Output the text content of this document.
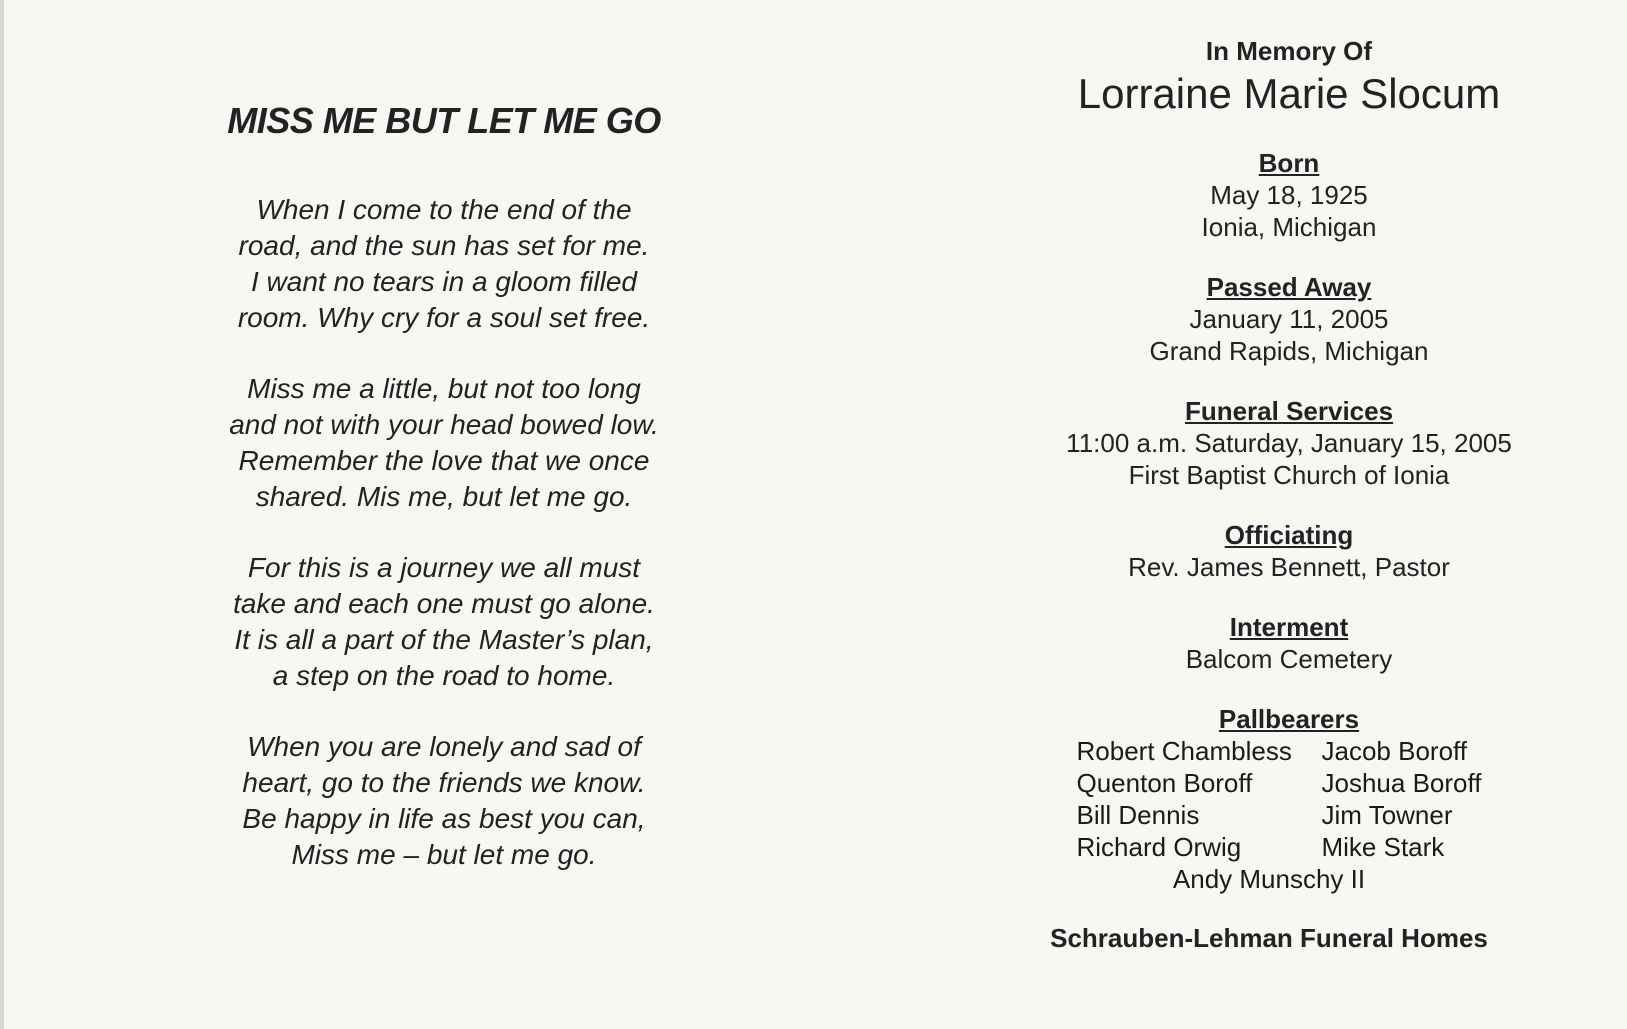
MISS ME BUT LET ME GO
When I come to the end of the
road, and the sun has set for me.
I want no tears in a gloom filled
room. Why cry for a soul set free.
Miss me a little, but not too long
and not with your head bowed low.
Remember the love that we once
shared. Mis me, but let me go.
For this is a journey we all must
take and each one must go alone.
It is all a part of the Master’s plan,
a step on the road to home.
When you are lonely and sad of
heart, go to the friends we know.
Be happy in life as best you can,
Miss me – but let me go.
In Memory Of
Lorraine Marie Slocum
Born
May 18, 1925
Ionia, Michigan
Passed Away
January 11, 2005
Grand Rapids, Michigan
Funeral Services
11:00 a.m. Saturday, January 15, 2005
First Baptist Church of Ionia
Officiating
Rev. James Bennett, Pastor
Interment
Balcom Cemetery
Pallbearers
Robert Chambless	Jacob Boroff
Quenton Boroff	Joshua Boroff
Bill Dennis	Jim Towner
Richard Orwig	Mike Stark
Andy Munschy II
Schrauben-Lehman Funeral Homes
